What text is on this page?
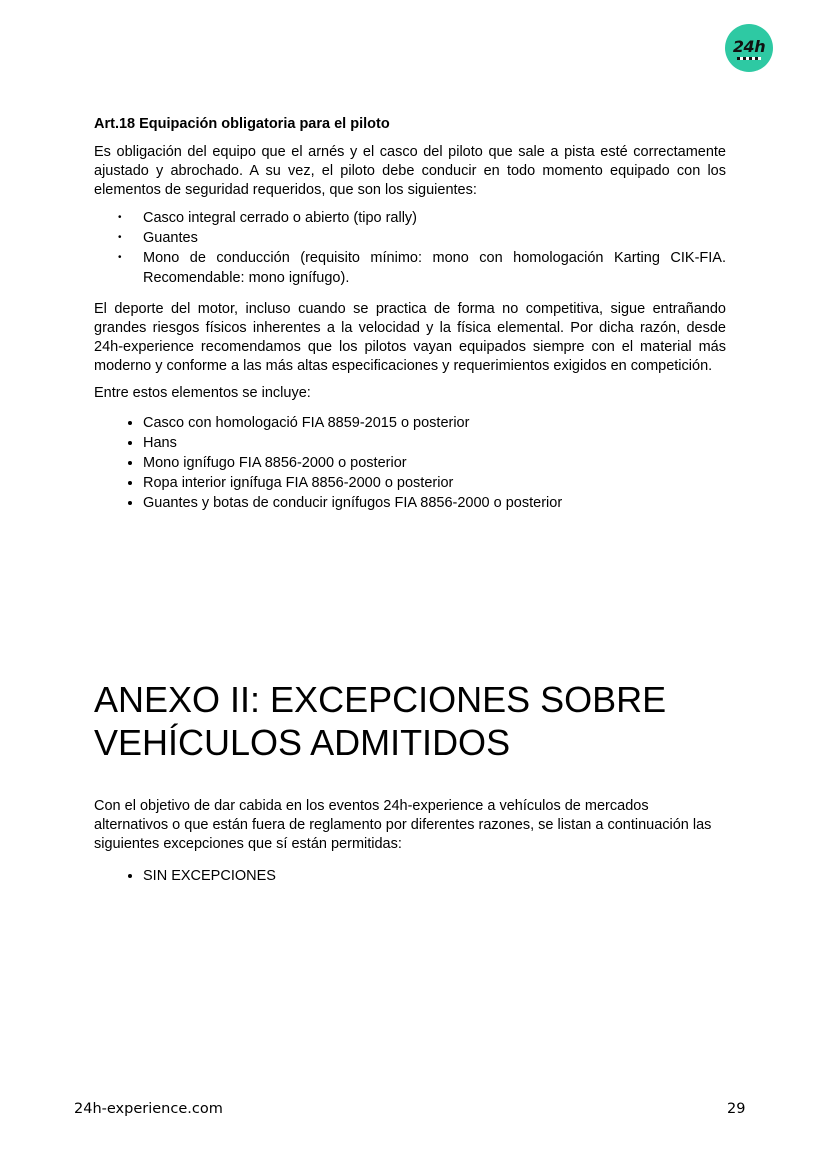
24h
Art.18 Equipación obligatoria para el piloto

Es obligación del equipo que el arnés y el casco del piloto que sale a pista esté correctamente ajustado y abrochado. A su vez, el piloto debe conducir en todo momento equipado con los elementos de seguridad requeridos, que son los siguientes:

• Casco integral cerrado o abierto (tipo rally)
• Guantes
• Mono de conducción (requisito mínimo: mono con homologación Karting CIK-FIA. Recomendable: mono ignífugo).

El deporte del motor, incluso cuando se practica de forma no competitiva, sigue entrañando grandes riesgos físicos inherentes a la velocidad y la física elemental. Por dicha razón, desde 24h-experience recomendamos que los pilotos vayan equipados siempre con el material más moderno y conforme a las más altas especificaciones y requerimientos exigidos en competición.

Entre estos elementos se incluye:

• Casco con homologació FIA 8859-2015 o posterior
• Hans
• Mono ignífugo FIA 8856-2000 o posterior
• Ropa interior ignífuga FIA 8856-2000 o posterior
• Guantes y botas de conducir ignífugos FIA 8856-2000 o posterior
ANEXO II: EXCEPCIONES SOBRE
VEHÍCULOS ADMITIDOS

Con el objetivo de dar cabida en los eventos 24h-experience a vehículos de mercados alternativos o que están fuera de reglamento por diferentes razones, se listan a continuación las siguientes excepciones que sí están permitidas:

• SIN EXCEPCIONES
24h-experience.com	29
